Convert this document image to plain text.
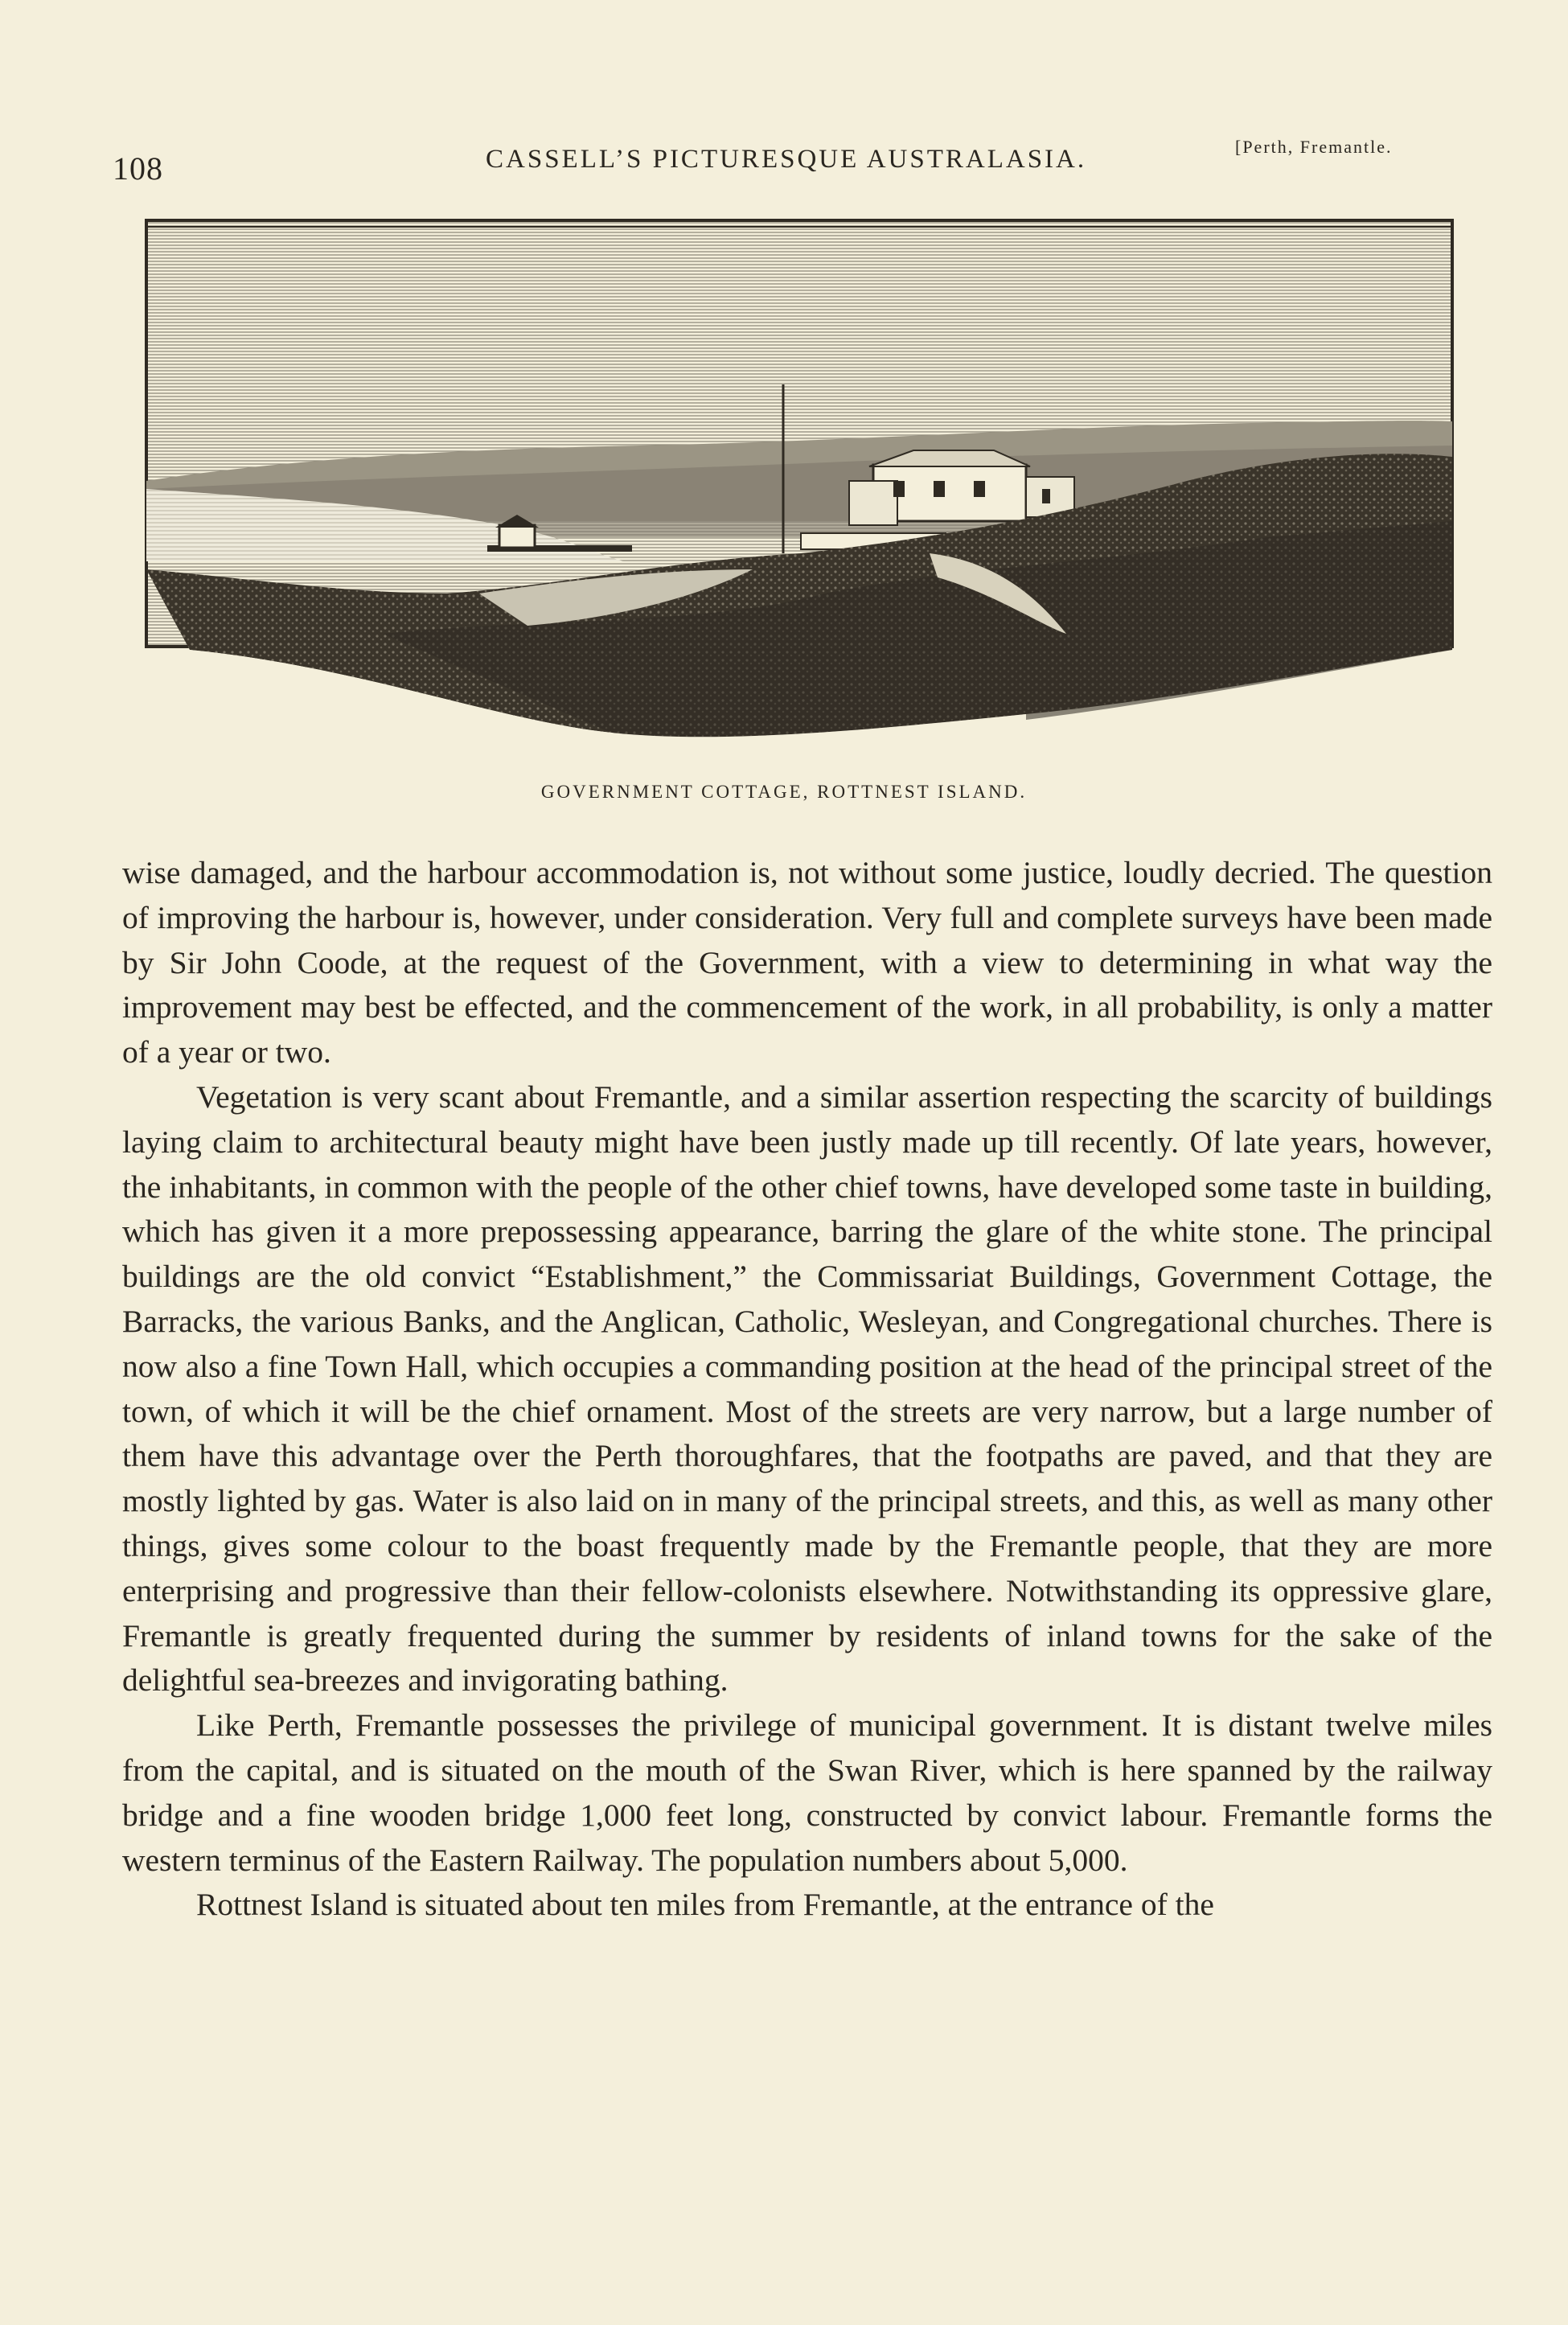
108	CASSELL’S PICTURESQUE AUSTRALASIA.	[Perth, Fremantle.
GOVERNMENT COTTAGE, ROTTNEST ISLAND.

wise damaged, and the harbour accommodation is, not without some justice, loudly decried. The question of improving the harbour is, however, under consideration. Very full and complete surveys have been made by Sir John Coode, at the request of the Government, with a view to determining in what way the improvement may best be effected, and the commencement of the work, in all probability, is only a matter of a year or two.

Vegetation is very scant about Fremantle, and a similar assertion respecting the scarcity of buildings laying claim to architectural beauty might have been justly made up till recently. Of late years, however, the inhabitants, in common with the people of the other chief towns, have developed some taste in building, which has given it a more prepossessing appearance, barring the glare of the white stone. The principal buildings are the old convict “Establishment,” the Commissariat Buildings, Government Cottage, the Barracks, the various Banks, and the Anglican, Catholic, Wesleyan, and Congregational churches. There is now also a fine Town Hall, which occupies a commanding position at the head of the principal street of the town, of which it will be the chief ornament. Most of the streets are very narrow, but a large number of them have this advantage over the Perth thoroughfares, that the footpaths are paved, and that they are mostly lighted by gas. Water is also laid on in many of the principal streets, and this, as well as many other things, gives some colour to the boast frequently made by the Fremantle people, that they are more enterprising and progressive than their fellow-colonists elsewhere. Notwithstanding its oppressive glare, Fremantle is greatly frequented during the summer by residents of inland towns for the sake of the delightful sea-breezes and invigorating bathing.

Like Perth, Fremantle possesses the privilege of municipal government. It is distant twelve miles from the capital, and is situated on the mouth of the Swan River, which is here spanned by the railway bridge and a fine wooden bridge 1,000 feet long, constructed by convict labour. Fremantle forms the western terminus of the Eastern Railway. The population numbers about 5,000.

Rottnest Island is situated about ten miles from Fremantle, at the entrance of the
